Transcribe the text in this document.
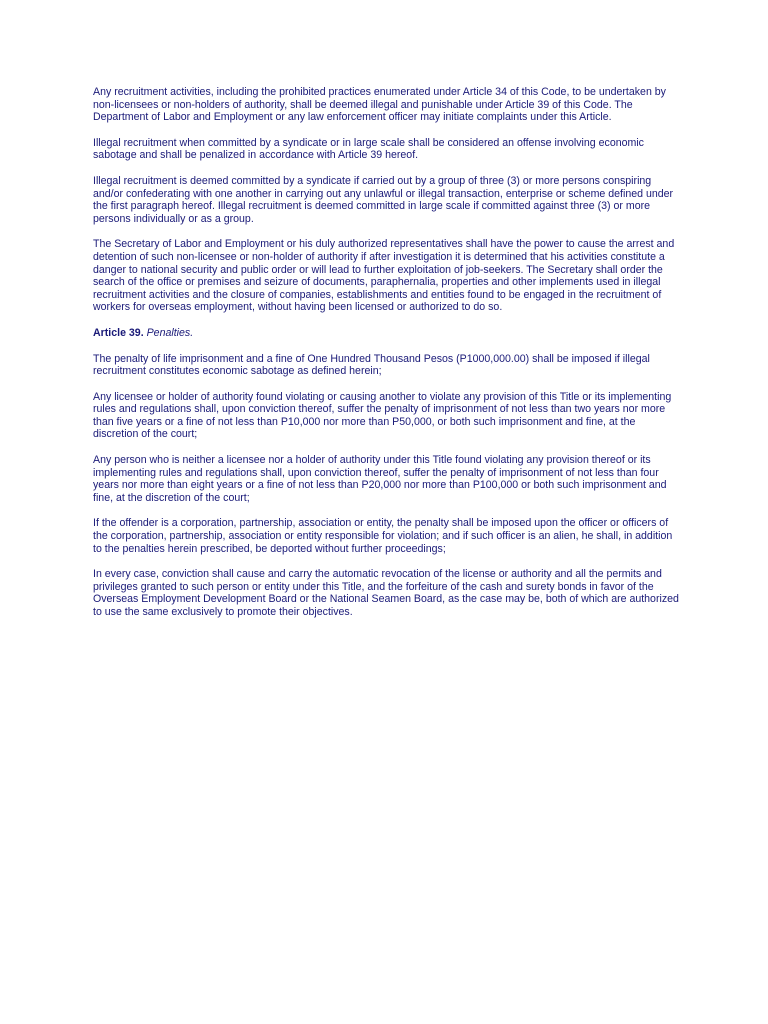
Any recruitment activities, including the prohibited practices enumerated under Article 34 of this Code, to be undertaken by non-licensees or non-holders of authority, shall be deemed illegal and punishable under Article 39 of this Code. The Department of Labor and Employment or any law enforcement officer may initiate complaints under this Article.

Illegal recruitment when committed by a syndicate or in large scale shall be considered an offense involving economic sabotage and shall be penalized in accordance with Article 39 hereof.

Illegal recruitment is deemed committed by a syndicate if carried out by a group of three (3) or more persons conspiring and/or confederating with one another in carrying out any unlawful or illegal transaction, enterprise or scheme defined under the first paragraph hereof. Illegal recruitment is deemed committed in large scale if committed against three (3) or more persons individually or as a group.

The Secretary of Labor and Employment or his duly authorized representatives shall have the power to cause the arrest and detention of such non-licensee or non-holder of authority if after investigation it is determined that his activities constitute a danger to national security and public order or will lead to further exploitation of job-seekers. The Secretary shall order the search of the office or premises and seizure of documents, paraphernalia, properties and other implements used in illegal recruitment activities and the closure of companies, establishments and entities found to be engaged in the recruitment of workers for overseas employment, without having been licensed or authorized to do so.

Article 39. Penalties.

The penalty of life imprisonment and a fine of One Hundred Thousand Pesos (P1000,000.00) shall be imposed if illegal recruitment constitutes economic sabotage as defined herein;

Any licensee or holder of authority found violating or causing another to violate any provision of this Title or its implementing rules and regulations shall, upon conviction thereof, suffer the penalty of imprisonment of not less than two years nor more than five years or a fine of not less than P10,000 nor more than P50,000, or both such imprisonment and fine, at the discretion of the court;

Any person who is neither a licensee nor a holder of authority under this Title found violating any provision thereof or its implementing rules and regulations shall, upon conviction thereof, suffer the penalty of imprisonment of not less than four years nor more than eight years or a fine of not less than P20,000 nor more than P100,000 or both such imprisonment and fine, at the discretion of the court;

If the offender is a corporation, partnership, association or entity, the penalty shall be imposed upon the officer or officers of the corporation, partnership, association or entity responsible for violation; and if such officer is an alien, he shall, in addition to the penalties herein prescribed, be deported without further proceedings;

In every case, conviction shall cause and carry the automatic revocation of the license or authority and all the permits and privileges granted to such person or entity under this Title, and the forfeiture of the cash and surety bonds in favor of the Overseas Employment Development Board or the National Seamen Board, as the case may be, both of which are authorized to use the same exclusively to promote their objectives.
